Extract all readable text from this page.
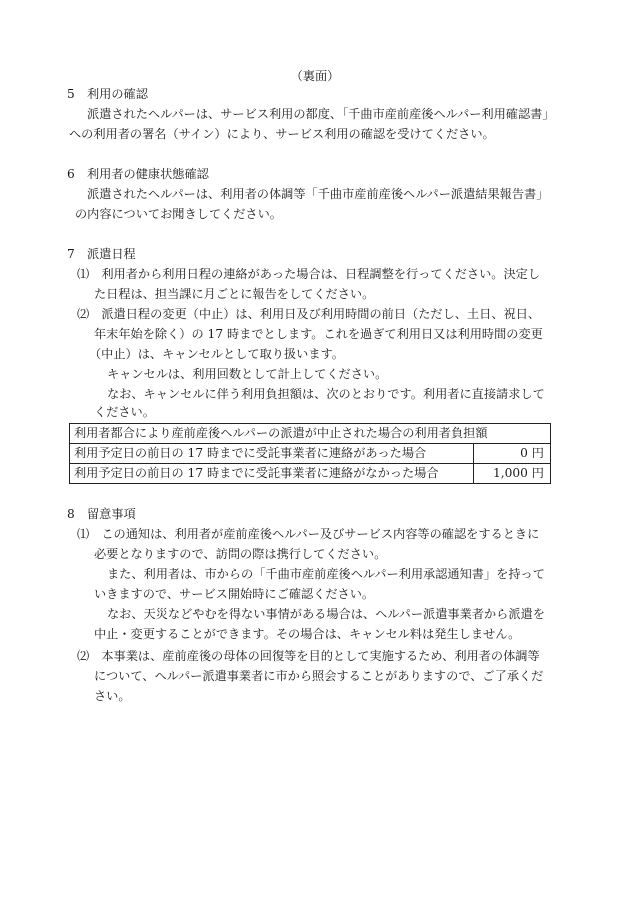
（裏面）
5　利用の確認
派遣されたヘルパーは、サービス利用の都度、「千曲市産前産後ヘルパー利用確認書」
への利用者の署名（サイン）により、サービス利用の確認を受けてください。
6　利用者の健康状態確認
派遣されたヘルパーは、利用者の体調等「千曲市産前産後ヘルパー派遣結果報告書」
の内容についてお聞きしてください。
7　派遣日程
⑴　利用者から利用日程の連絡があった場合は、日程調整を行ってください。決定し
た日程は、担当課に月ごとに報告をしてください。
⑵　派遣日程の変更（中止）は、利用日及び利用時間の前日（ただし、土日、祝日、
年末年始を除く）の 17 時までとします。これを過ぎて利用日又は利用時間の変更
（中止）は、キャンセルとして取り扱います。
キャンセルは、利用回数として計上してください。
なお、キャンセルに伴う利用負担額は、次のとおりです。利用者に直接請求して
ください。
利用者都合により産前産後ヘルパーの派遣が中止された場合の利用者負担額	
利用予定日の前日の 17 時までに受託事業者に連絡があった場合	0 円
利用予定日の前日の 17 時までに受託事業者に連絡がなかった場合	1,000 円
8　留意事項
⑴　この通知は、利用者が産前産後ヘルパー及びサービス内容等の確認をするときに
必要となりますので、訪問の際は携行してください。
また、利用者は、市からの「千曲市産前産後ヘルパー利用承認通知書」を持って
いきますので、サービス開始時にご確認ください。
なお、天災などやむを得ない事情がある場合は、ヘルパー派遣事業者から派遣を
中止・変更することができます。その場合は、キャンセル料は発生しません。
⑵　本事業は、産前産後の母体の回復等を目的として実施するため、利用者の体調等
について、ヘルパー派遣事業者に市から照会することがありますので、ご了承くだ
さい。
